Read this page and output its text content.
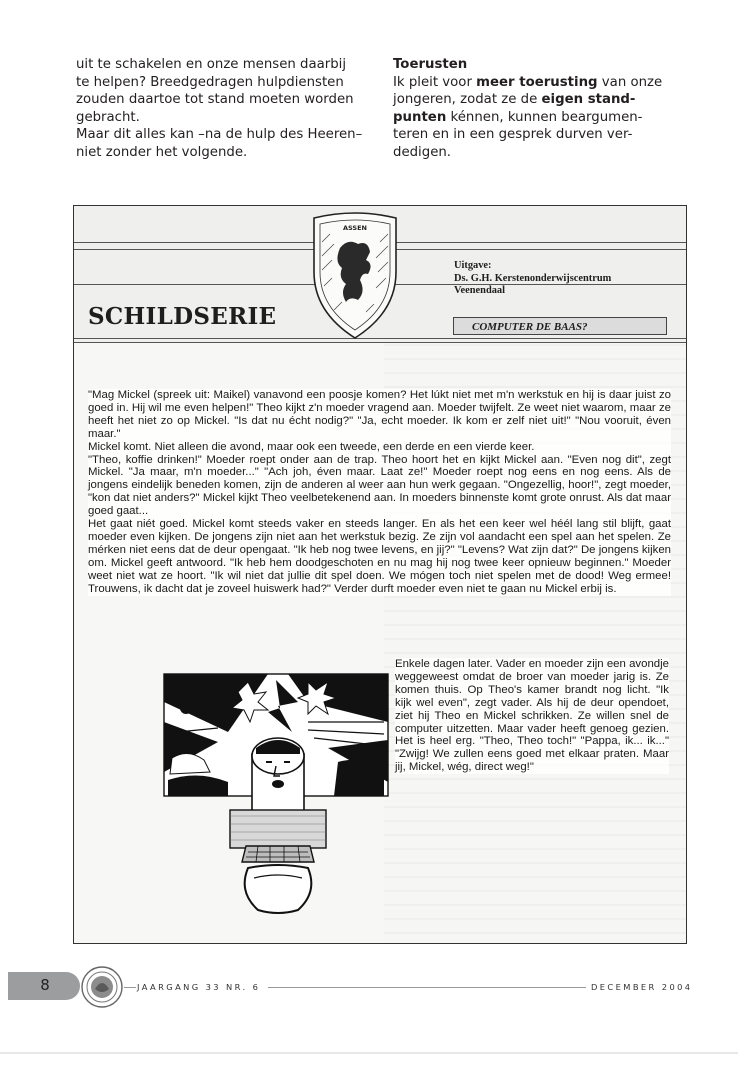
uit te schakelen en onze mensen daarbij

te helpen? Breedgedragen hulpdiensten

zouden daartoe tot stand moeten worden

gebracht.

Maar dit alles kan –na de hulp des Heeren–

niet zonder het volgende.

Toerusten

Ik pleit voor meer toerusting van onze

jongeren, zodat ze de eigen stand-

punten kénnen, kunnen beargumen-

teren en in een gesprek durven ver-

dedigen.

SCHILDSERIE
ASSEN
Uitgave:
Ds. G.H. Kerstenonderwijscentrum
Veenendaal
COMPUTER DE BAAS?

"Mag Mickel (spreek uit: Maikel) vanavond een poosje komen? Het lúkt niet met m'n werkstuk en hij is daar juist zo goed in. Hij wil me even helpen!" Theo kijkt z'n moeder vragend aan. Moeder twijfelt. Ze weet niet waarom, maar ze heeft het niet zo op Mickel. "Is dat nu écht nodig?" "Ja, echt moeder. Ik kom er zelf niet uit!" "Nou vooruit, éven maar."

Mickel komt. Niet alleen die avond, maar ook een tweede, een derde en een vierde keer.

"Theo, koffie drinken!" Moeder roept onder aan de trap. Theo hoort het en kijkt Mickel aan. "Even nog dit", zegt Mickel. "Ja maar, m'n moeder..." "Ach joh, éven maar. Laat ze!" Moeder roept nog eens en nog eens. Als de jongens eindelijk beneden komen, zijn de anderen al weer aan hun werk gegaan. "Ongezellig, hoor!", zegt moeder, "kon dat niet anders?" Mickel kijkt Theo veelbetekenend aan. In moeders binnenste komt grote onrust. Als dat maar goed gaat...

Het gaat niét goed. Mickel komt steeds vaker en steeds langer. En als het een keer wel héél lang stil blijft, gaat moeder even kijken. De jongens zijn niet aan het werkstuk bezig. Ze zijn vol aandacht een spel aan het spelen. Ze mérken niet eens dat de deur opengaat. "Ik heb nog twee levens, en jij?" "Levens? Wat zijn dat?" De jongens kijken om. Mickel geeft antwoord. "Ik heb hem doodgeschoten en nu mag hij nog twee keer opnieuw beginnen." Moeder weet niet wat ze hoort. "Ik wil niet dat jullie dit spel doen. We mógen toch niet spelen met de dood! Weg ermee! Trouwens, ik dacht dat je zoveel huiswerk had?" Verder durft moeder even niet te gaan nu Mickel erbij is.

Enkele dagen later. Vader en moeder zijn een avondje weggeweest omdat de broer van moeder jarig is. Ze komen thuis. Op Theo's kamer brandt nog licht. "Ik kijk wel even", zegt vader. Als hij de deur opendoet, ziet hij Theo en Mickel schrikken. Ze willen snel de computer uitzetten. Maar vader heeft genoeg gezien. Het is heel erg. "Theo, Theo toch!" "Pappa, ik... ik..." "Zwijg! We zullen eens goed met elkaar praten. Maar jij, Mickel, wég, direct weg!"
8	JAARGANG 33 NR. 6	DECEMBER 2004
